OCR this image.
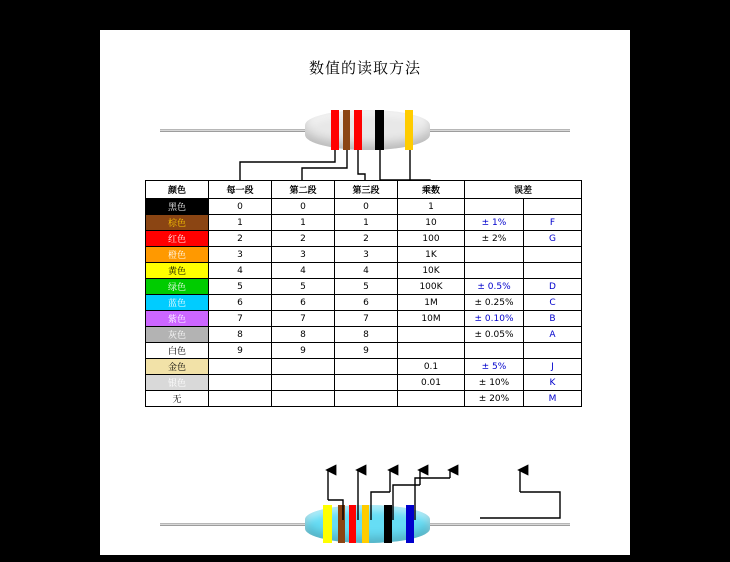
数值的读取方法
颜色	每一段	第二段	第三段	乘数	误差	
黑色	0	0	0	1		
棕色	1	1	1	10	± 1%	F
红色	2	2	2	100	± 2%	G
橙色	3	3	3	1K		
黄色	4	4	4	10K		
绿色	5	5	5	100K	± 0.5%	D
蓝色	6	6	6	1M	± 0.25%	C
紫色	7	7	7	10M	± 0.10%	B
灰色	8	8	8		± 0.05%	A
白色	9	9	9			
金色				0.1	± 5%	J
银色				0.01	± 10%	K
无					± 20%	M
